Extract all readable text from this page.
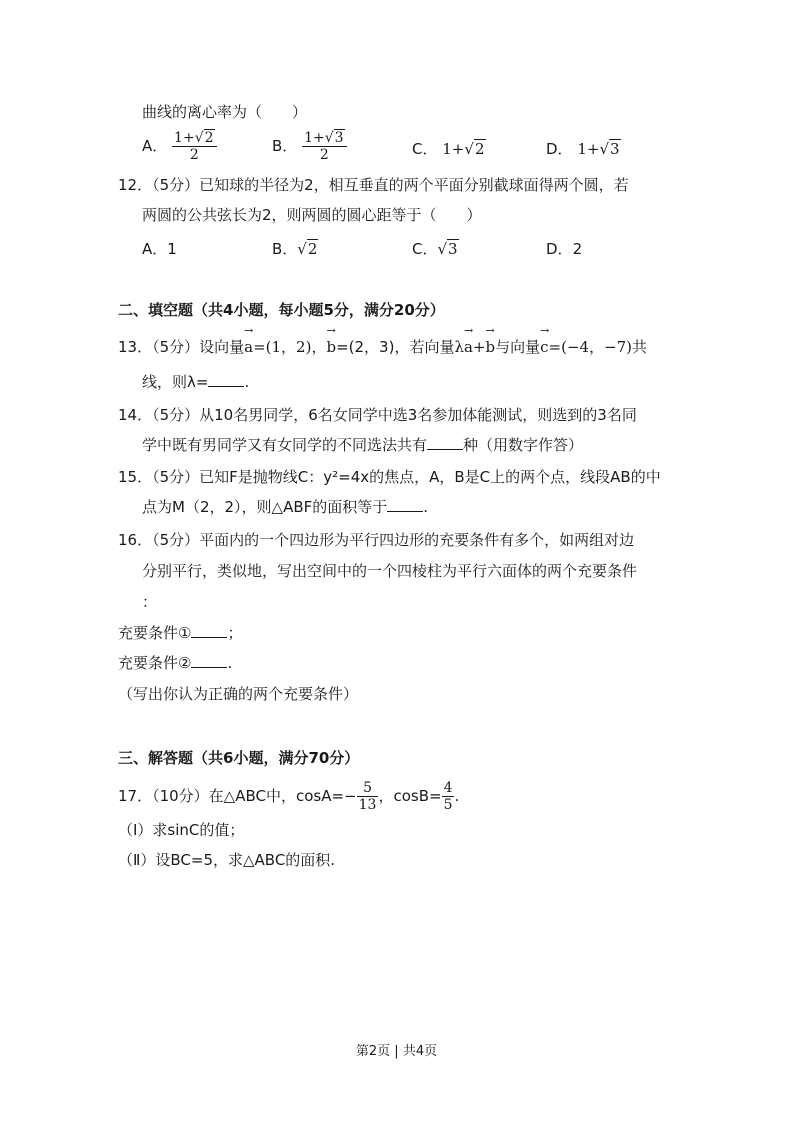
曲线的离心率为（　　）
A． $\frac{1+√2}{2}$	B． $\frac{1+√3}{2}$	C． 1+√2	D． 1+√3
12．（5分）已知球的半径为2，相互垂直的两个平面分别截球面得两个圆，若
两圆的公共弦长为2，则两圆的圆心距等于（　　）
A．1	B．√2	C．√3	D．2
二、填空题（共4小题，每小题5分，满分20分）
13．（5分）设向量
→
a=(1，2)，
→
b=(2，3)，若向量λ
→
a+
→
b与向量
→
c=(−4，−7)共
线，则λ= .
14．（5分）从10名男同学，6名女同学中选3名参加体能测试，则选到的3名同
学中既有男同学又有女同学的不同选法共有 种（用数字作答）
15．（5分）已知F是抛物线C：y²=4x的焦点，A，B是C上的两个点，线段AB的中
点为M（2，2），则△ABF的面积等于 .
16．（5分）平面内的一个四边形为平行四边形的充要条件有多个，如两组对边
分别平行，类似地，写出空间中的一个四棱柱为平行六面体的两个充要条件
：
充要条件① ；
充要条件② .
（写出你认为正确的两个充要条件）
三、解答题（共6小题，满分70分）
17．（10分）在△ABC中，$\cos A=- \frac{5}{13}$ ，$\cos B= \frac{4}{5}$ .
（Ⅰ）求sinC的值；
（Ⅱ）设BC=5，求△ABC的面积.
第2页 | 共4页
